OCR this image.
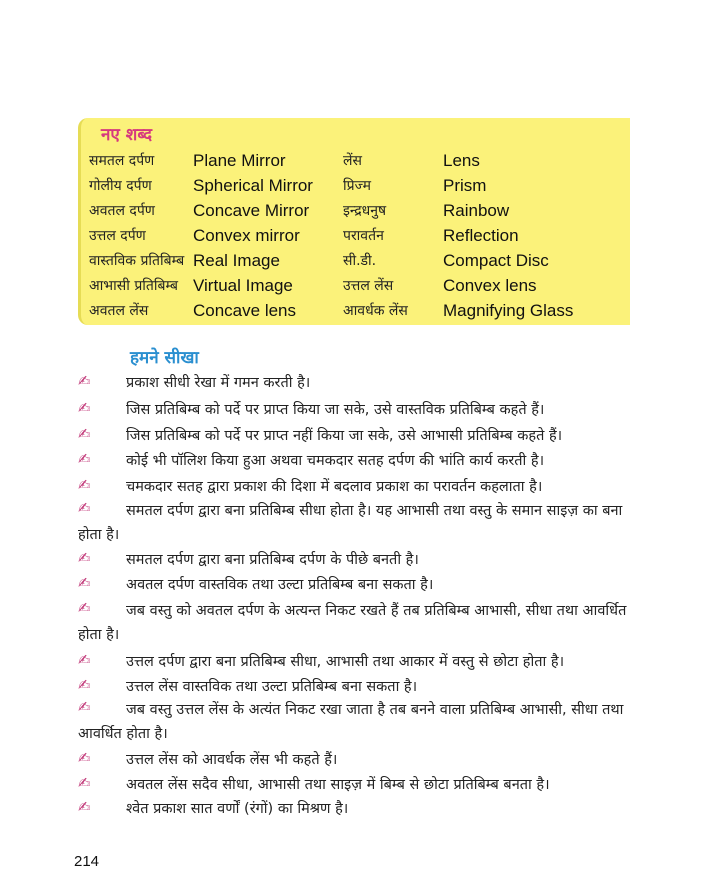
नए शब्द
समतल दर्पण Plane Mirror	लेंस	Lens
गोलीय दर्पण Spherical Mirror प्रिज्म	Prism
अवतल दर्पण Concave Mirror इन्द्रधनुष	Rainbow
उत्तल दर्पण	Convex mirror	परावर्तन	Reflection
वास्तविक प्रतिबिम्ब Real Image	सी.डी.	Compact Disc
आभासी प्रतिबिम्ब Virtual Image	उत्तल लेंस	Convex lens
अवतल लेंस	Concave lens	आवर्धक लेंस Magnifying Glass
हमने सीखा
✍ प्रकाश सीधी रेखा में गमन करती है।
✍ जिस प्रतिबिम्ब को पर्दे पर प्राप्त किया जा सके, उसे वास्तविक प्रतिबिम्ब कहते हैं।
✍ जिस प्रतिबिम्ब को पर्दे पर प्राप्त नहीं किया जा सके, उसे आभासी प्रतिबिम्ब कहते हैं।
✍ कोई भी पॉलिश किया हुआ अथवा चमकदार सतह दर्पण की भांति कार्य करती है।
✍ चमकदार सतह द्वारा प्रकाश की दिशा में बदलाव प्रकाश का परावर्तन कहलाता है।
✍	समतल दर्पण द्वारा बना प्रतिबिम्ब सीधा होता है। यह आभासी तथा वस्तु के समान साइज़ का बना होता है।
✍ समतल दर्पण द्वारा बना प्रतिबिम्ब दर्पण के पीछे बनती है।
✍ अवतल दर्पण वास्तविक तथा उल्टा प्रतिबिम्ब बना सकता है।
✍	जब वस्तु को अवतल दर्पण के अत्यन्त निकट रखते हैं तब प्रतिबिम्ब आभासी, सीधा तथा आवर्धित होता है।
✍ उत्तल दर्पण द्वारा बना प्रतिबिम्ब सीधा, आभासी तथा आकार में वस्तु से छोटा होता है।
✍ उत्तल लेंस वास्तविक तथा उल्टा प्रतिबिम्ब बना सकता है।
✍	जब वस्तु उत्तल लेंस के अत्यंत निकट रखा जाता है तब बनने वाला प्रतिबिम्ब आभासी, सीधा तथा आवर्धित होता है।
✍ उत्तल लेंस को आवर्धक लेंस भी कहते हैं।
✍ अवतल लेंस सदैव सीधा, आभासी तथा साइज़ में बिम्ब से छोटा प्रतिबिम्ब बनता है।
✍ श्वेत प्रकाश सात वर्णों (रंगों) का मिश्रण है।
214
